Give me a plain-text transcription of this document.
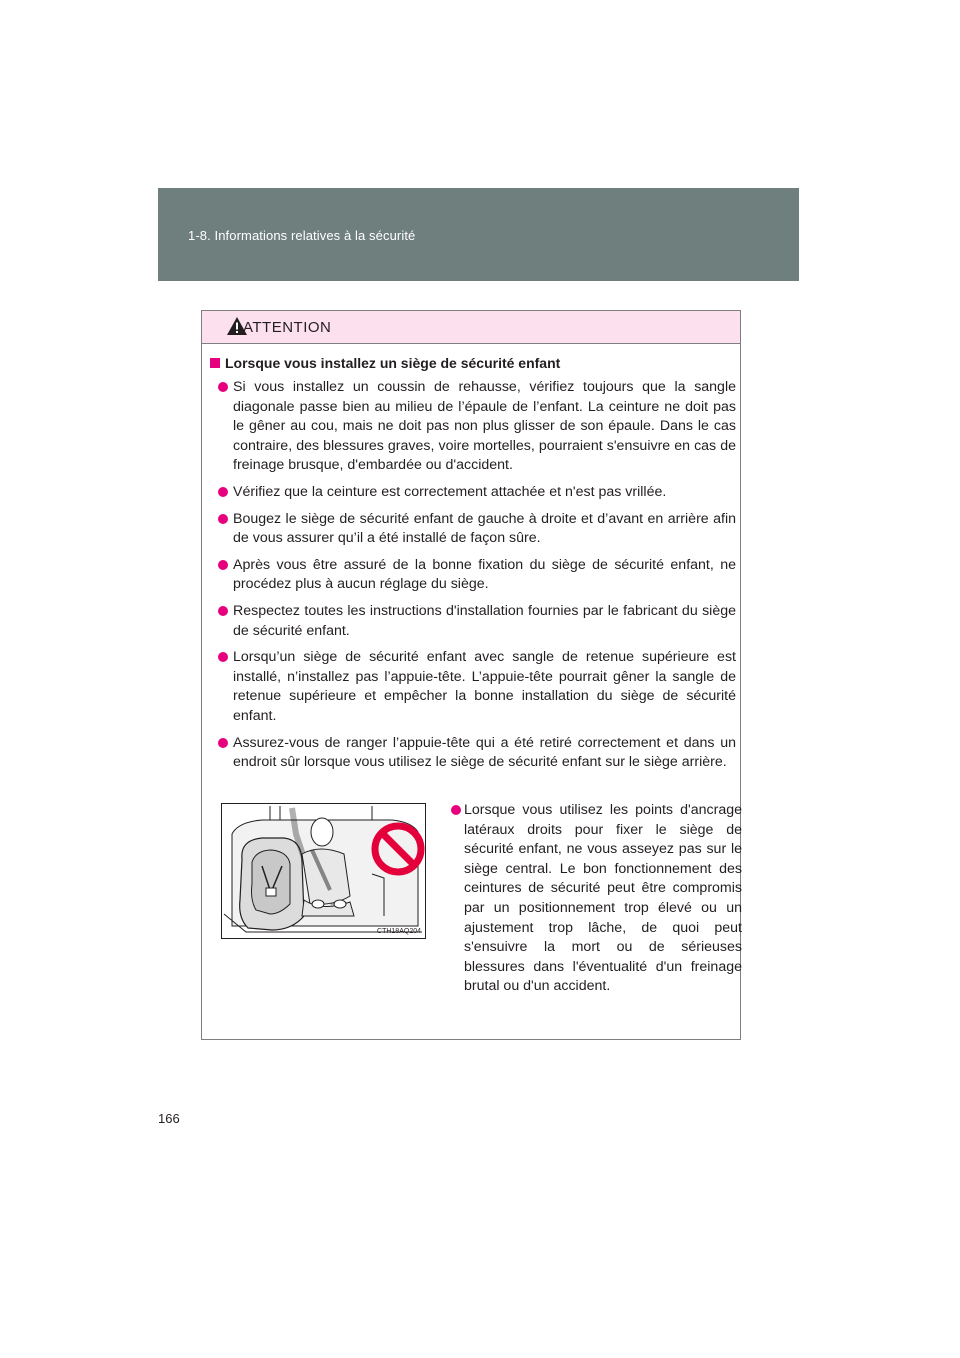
1-8. Informations relatives à la sécurité
ATTENTION
Lorsque vous installez un siège de sécurité enfant
Si vous installez un coussin de rehausse, vérifiez toujours que la sangle diagonale passe bien au milieu de l’épaule de l’enfant. La ceinture ne doit pas le gêner au cou, mais ne doit pas non plus glisser de son épaule. Dans le cas contraire, des blessures graves, voire mortelles, pourraient s'ensuivre en cas de freinage brusque, d'embardée ou d'accident.
Vérifiez que la ceinture est correctement attachée et n'est pas vrillée.
Bougez le siège de sécurité enfant de gauche à droite et d’avant en arrière afin de vous assurer qu’il a été installé de façon sûre.
Après vous être assuré de la bonne fixation du siège de sécurité enfant, ne procédez plus à aucun réglage du siège.
Respectez toutes les instructions d'installation fournies par le fabricant du siège de sécurité enfant.
Lorsqu’un siège de sécurité enfant avec sangle de retenue supérieure est installé, n’installez pas l’appuie-tête. L’appuie-tête pourrait gêner la sangle de retenue supérieure et empêcher la bonne installation du siège de sécurité enfant.
Assurez-vous de ranger l’appuie-tête qui a été retiré correctement et dans un endroit sûr lorsque vous utilisez le siège de sécurité enfant sur le siège arrière.
CTH18AQ204
Lorsque vous utilisez les points d'ancrage latéraux droits pour fixer le siège de sécurité enfant, ne vous asseyez pas sur le siège central. Le bon fonctionnement des ceintures de sécurité peut être compromis par un positionnement trop élevé ou un ajustement trop lâche, de quoi peut s'ensuivre la mort ou de sérieuses blessures dans l'éventualité d'un freinage brutal ou d'un accident.
166
